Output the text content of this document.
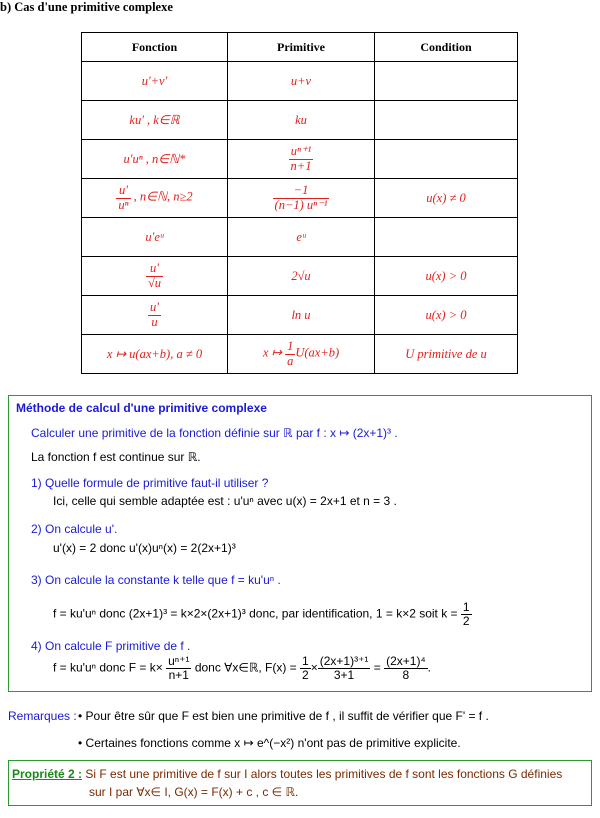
b) Cas d'une primitive complexe
Fonction	Primitive	Condition
u'+v'	u+v	
ku' , k∈ℝ	ku	
u'uⁿ , n∈ℕ*	$\frac{\text{uⁿ⁺¹}}{n+1}$

$\frac{u'}{\text{uⁿ}}$ , n∈ℕ, n≥2	$\frac{-1}{\text{(n−1) uⁿ⁻¹}}$	u(x) ≠ 0
u'eᵘ	eᵘ	

$\frac{u'}{√u}$	2√u	u(x) > 0

$\frac{u'}{u}$	ln u	u(x) > 0
x ↦ u(ax+b), a ≠ 0	x ↦ $\frac{1}{a} U(ax+b)$	U primitive de u
Méthode de calcul d'une primitive complexe
Calculer une primitive de la fonction définie sur ℝ par f : x ↦ (2x+1)³ .
La fonction f est continue sur ℝ.
1) Quelle formule de primitive faut-il utiliser ?
Ici, celle qui semble adaptée est : u'uⁿ avec u(x) = 2x+1 et n = 3 .
2) On calcule u'.
u'(x) = 2 donc u'(x)uⁿ(x) = 2(2x+1)³
3) On calcule la constante k telle que f = ku'uⁿ .
f = ku'uⁿ donc (2x+1)³ = k×2×(2x+1)³ donc, par identification, 1 = k×2 soit $k = \frac{1}{2}$
4) On calcule F primitive de f .
f = ku'uⁿ donc $F = k\times \frac{\text{uⁿ⁺¹}}{n+1}$ donc ∀x∈ℝ, $F(x) = \frac{1}{2} \times \frac{\text{(2x+1)³⁺¹}}{3+1} = \frac{\text{(2x+1)⁴}}{8}$ .
Remarques : • Pour être sûr que F est bien une primitive de f , il suffit de vérifier que F' = f .
• Certaines fonctions comme x ↦ e^(−x²) n'ont pas de primitive explicite.
Propriété 2 : Si F est une primitive de f sur I alors toutes les primitives de f sont les fonctions G définies
sur I par ∀x∈ I, G(x) = F(x) + c , c ∈ ℝ.
